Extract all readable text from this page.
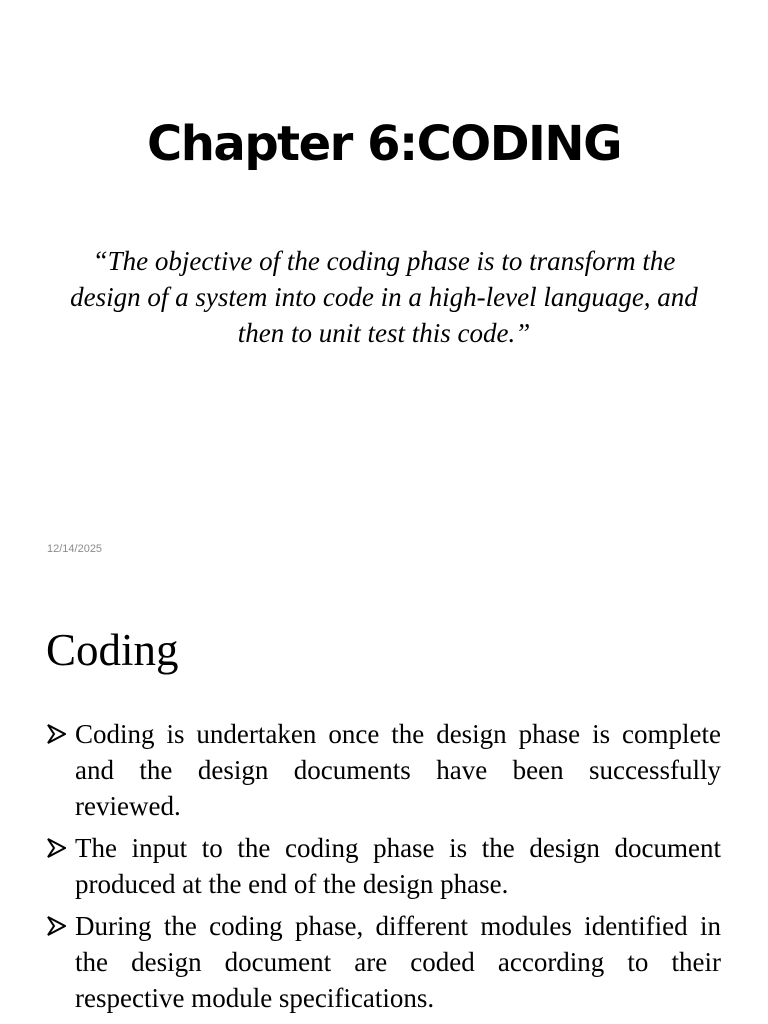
Chapter 6:CODING

“The objective of the coding phase is to transform the design of a system into code in a high-level language, and then to unit test this code.”

12/14/2025

Coding
Coding is undertaken once the design phase is complete and the design documents have been successfully reviewed.
The input to the coding phase is the design document produced at the end of the design phase.
During the coding phase, different modules identified in the design document are coded according to their respective module specifications.
